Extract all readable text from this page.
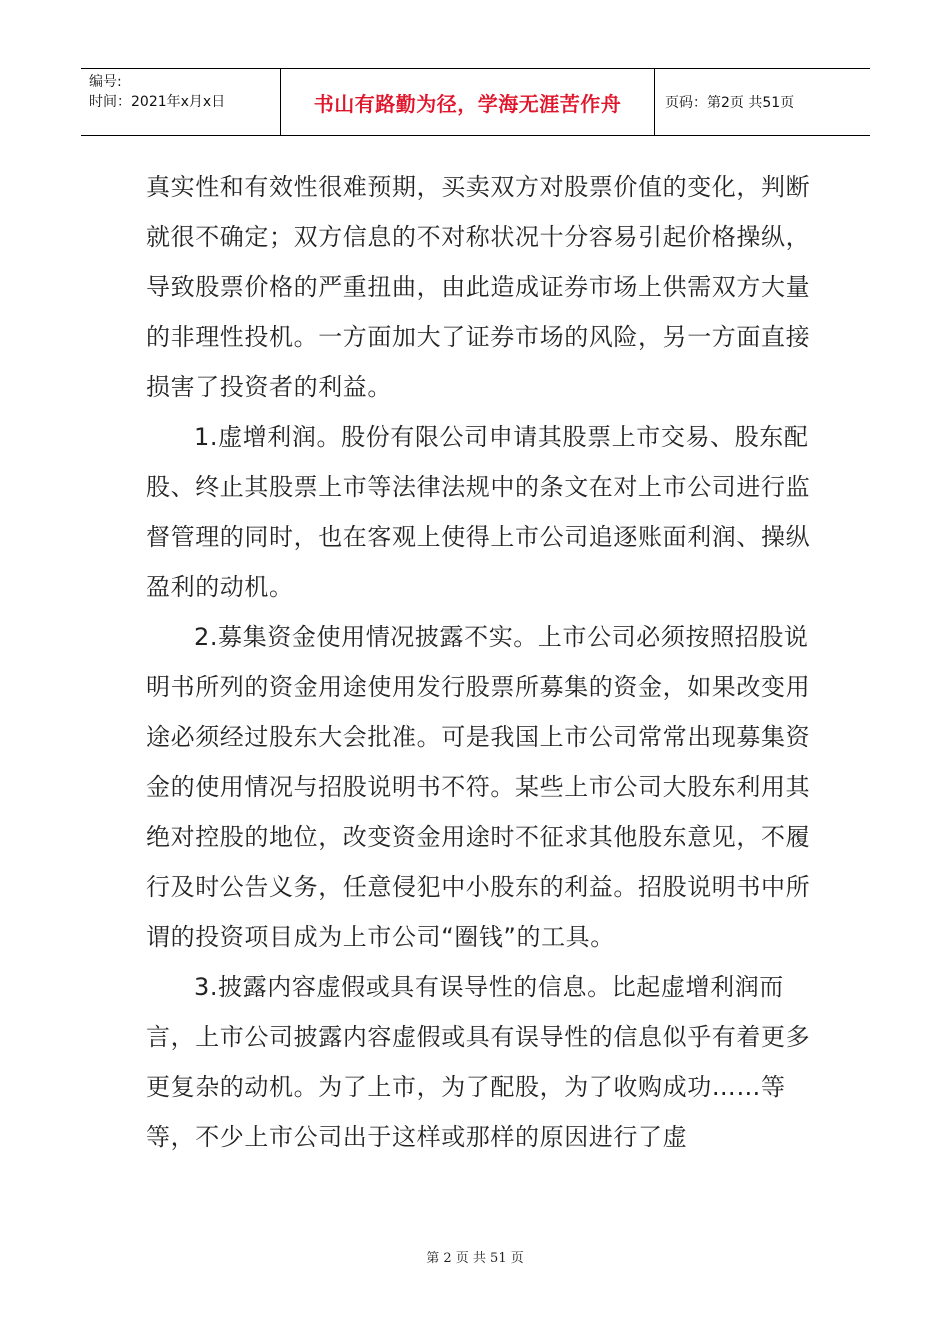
编号:
时间：2021年x月x日	书山有路勤为径，学海无涯苦作舟	页码：第2页 共51页

真实性和有效性很难预期，买卖双方对股票价值的变化，判断就很不确定；双方信息的不对称状况十分容易引起价格操纵，导致股票价格的严重扭曲，由此造成证券市场上供需双方大量的非理性投机。一方面加大了证券市场的风险，另一方面直接损害了投资者的利益。

1.虚增利润。股份有限公司申请其股票上市交易、股东配股、终止其股票上市等法律法规中的条文在对上市公司进行监督管理的同时，也在客观上使得上市公司追逐账面利润、操纵盈利的动机。

2.募集资金使用情况披露不实。上市公司必须按照招股说明书所列的资金用途使用发行股票所募集的资金，如果改变用途必须经过股东大会批准。可是我国上市公司常常出现募集资金的使用情况与招股说明书不符。某些上市公司大股东利用其绝对控股的地位，改变资金用途时不征求其他股东意见，不履行及时公告义务，任意侵犯中小股东的利益。招股说明书中所谓的投资项目成为上市公司“圈钱”的工具。

3.披露内容虚假或具有误导性的信息。比起虚增利润而言，上市公司披露内容虚假或具有误导性的信息似乎有着更多更复杂的动机。为了上市，为了配股，为了收购成功……等等，不少上市公司出于这样或那样的原因进行了虚

第 2 页 共 51 页
